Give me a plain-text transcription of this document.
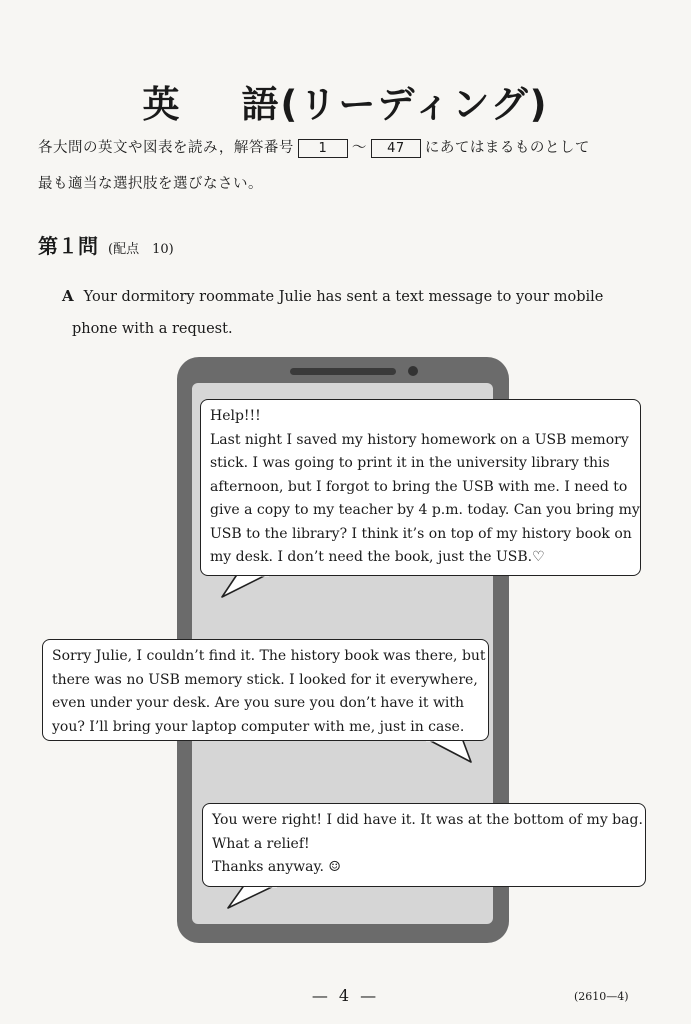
英 語(リーディング)
各大問の英文や図表を読み，解答番号 1 ～ 47 にあてはまるものとして
最も適当な選択肢を選びなさい。
第１問 (配点　10)
A Your dormitory roommate Julie has sent a text message to your mobile
phone with a request.
Help!!!
Last night I saved my history homework on a USB memory
stick. I was going to print it in the university library this
afternoon, but I forgot to bring the USB with me. I need to
give a copy to my teacher by 4 p.m. today. Can you bring my
USB to the library? I think it’s on top of my history book on
my desk. I don’t need the book, just the USB.♡
Sorry Julie, I couldn’t find it. The history book was there, but
there was no USB memory stick. I looked for it everywhere,
even under your desk. Are you sure you don’t have it with
you? I’ll bring your laptop computer with me, just in case.
You were right! I did have it. It was at the bottom of my bag.
What a relief!
Thanks anyway. ☺
— 4 —	(2610—4)
